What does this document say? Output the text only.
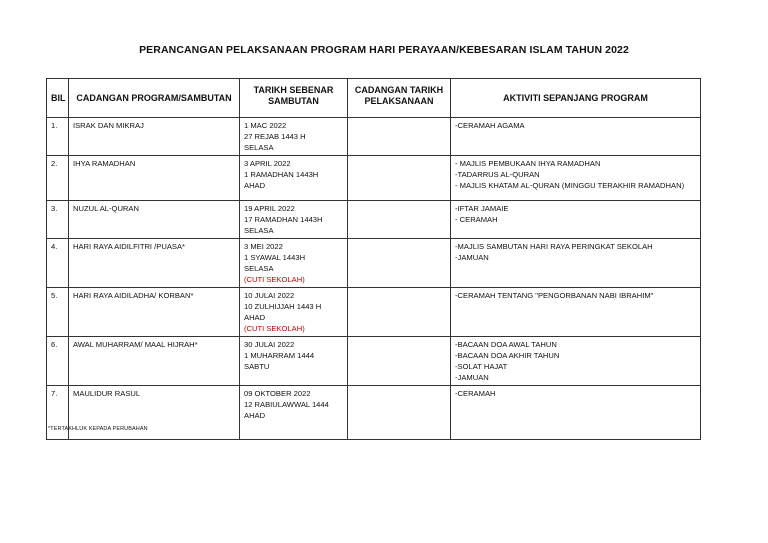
PERANCANGAN PELAKSANAAN PROGRAM HARI PERAYAAN/KEBESARAN ISLAM TAHUN 2022
BIL	CADANGAN PROGRAM/SAMBUTAN	TARIKH SEBENAR SAMBUTAN	CADANGAN TARIKH PELAKSANAAN	AKTIVITI SEPANJANG PROGRAM
1.	ISRAK DAN MIKRAJ	1 MAC 2022
27 REJAB 1443 H
SELASA		-CERAMAH AGAMA

2.	IHYA RAMADHAN	3 APRIL 2022
1 RAMADHAN 1443H
AHAD		- MAJLIS PEMBUKAAN IHYA RAMADHAN
-TADARRUS AL-QURAN
- MAJLIS KHATAM AL-QURAN (MINGGU TERAKHIR RAMADHAN)

3.	NUZUL AL-QURAN	19 APRIL 2022
17 RAMADHAN 1443H
SELASA		-IFTAR JAMAIE
- CERAMAH

4.	HARI RAYA AIDILFITRI /PUASA*	3 MEI 2022
1 SYAWAL 1443H
SELASA
(CUTI SEKOLAH)		-MAJLIS SAMBUTAN HARI RAYA PERINGKAT SEKOLAH
-JAMUAN

5.	HARI RAYA AIDILADHA/ KORBAN*	10 JULAI 2022
10 ZULHIJJAH 1443 H
AHAD
(CUTI SEKOLAH)		-CERAMAH TENTANG "PENGORBANAN NABI IBRAHIM"

6.	AWAL MUHARRAM/ MAAL HIJRAH*	30 JULAI 2022
1 MUHARRAM 1444
SABTU		-BACAAN DOA AWAL TAHUN
-BACAAN DOA AKHIR TAHUN
-SOLAT HAJAT
-JAMUAN

7.	MAULIDUR RASUL	09 OKTOBER 2022
12 RABIULAWWAL 1444
AHAD		-CERAMAH
*TERTAKHLUK KEPADA PERUBAHAN
